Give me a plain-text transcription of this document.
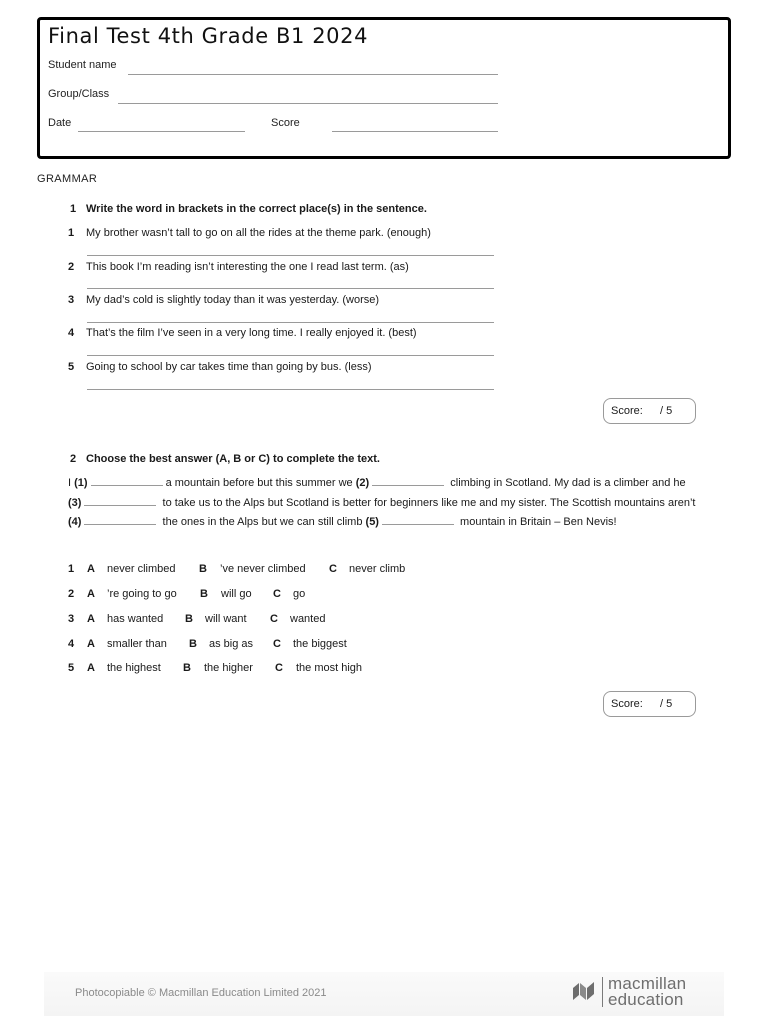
Final Test 4th Grade B1 2024
Student name
Group/Class
Date	Score
GRAMMAR
1 Write the word in brackets in the correct place(s) in the sentence.
1 My brother wasn’t tall to go on all the rides at the theme park. (enough)
2 This book I’m reading isn’t interesting the one I read last term. (as)
3 My dad’s cold is slightly today than it was yesterday. (worse)
4 That’s the film I’ve seen in a very long time. I really enjoyed it. (best)
5 Going to school by car takes time than going by bus. (less)
Score: / 5
2 Choose the best answer (A, B or C) to complete the text.
I (1)	a mountain before but this summer we (2)	climbing in Scotland. My dad is a climber and he (3)	to take us to the Alps but Scotland is better for beginners like me and my sister. The Scottish mountains aren’t (4)	the ones in the Alps but we can still climb (5)	mountain in Britain – Ben Nevis!
1 A never climbed B ’ve never climbed C never climb
2 A ’re going to go B will go C go
3 A has wanted B will want C wanted
4 A smaller than B as big as C the biggest
5 A the highest B the higher C the most high
Score: / 5
Photocopiable © Macmillan Education Limited 2021	macmillan
education
